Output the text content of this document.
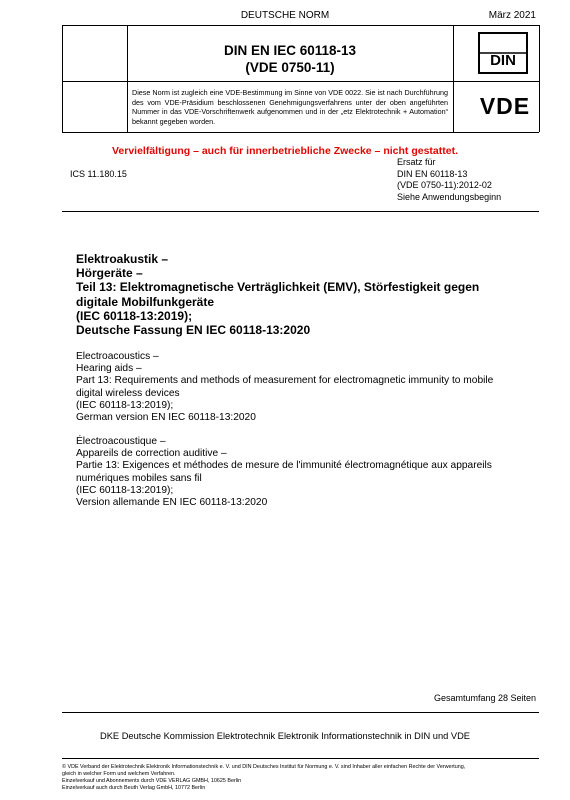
DEUTSCHE NORM	März 2021
DIN EN IEC 60118-13
(VDE 0750-11)	DIN
VDE
Diese Norm ist zugleich eine VDE-Bestimmung im Sinne von VDE 0022. Sie ist nach Durchführung des vom VDE-Präsidium beschlossenen Genehmigungsverfahrens unter der oben angeführten Nummer in das VDE-Vorschriftenwerk aufgenommen und in der „etz Elektrotechnik + Automation“ bekannt gegeben worden.
Vervielfältigung – auch für innerbetriebliche Zwecke – nicht gestattet.
ICS 11.180.15
Ersatz für
DIN EN 60118-13
(VDE 0750-11):2012-02
Siehe Anwendungsbeginn
Elektroakustik –
Hörgeräte –
Teil 13: Elektromagnetische Verträglichkeit (EMV), Störfestigkeit gegen
digitale Mobilfunkgeräte
(IEC 60118-13:2019);
Deutsche Fassung EN IEC 60118-13:2020
Electroacoustics –
Hearing aids –
Part 13: Requirements and methods of measurement for electromagnetic immunity to mobile
digital wireless devices
(IEC 60118-13:2019);
German version EN IEC 60118-13:2020
Électroacoustique –
Appareils de correction auditive –
Partie 13: Exigences et méthodes de mesure de l'immunité électromagnétique aux appareils
numériques mobiles sans fil
(IEC 60118-13:2019);
Version allemande EN IEC 60118-13:2020
Gesamtumfang 28 Seiten
DKE Deutsche Kommission Elektrotechnik Elektronik Informationstechnik in DIN und VDE
© VDE Verband der Elektrotechnik Elektronik Informationstechnik e. V. und DIN Deutsches Institut für Normung e. V. sind Inhaber aller einfachen Rechte der Verwertung,
gleich in welcher Form und welchem Verfahren.
Einzelverkauf und Abonnements durch VDE VERLAG GMBH, 10625 Berlin
Einzelverkauf auch durch Beuth Verlag GmbH, 10772 Berlin
